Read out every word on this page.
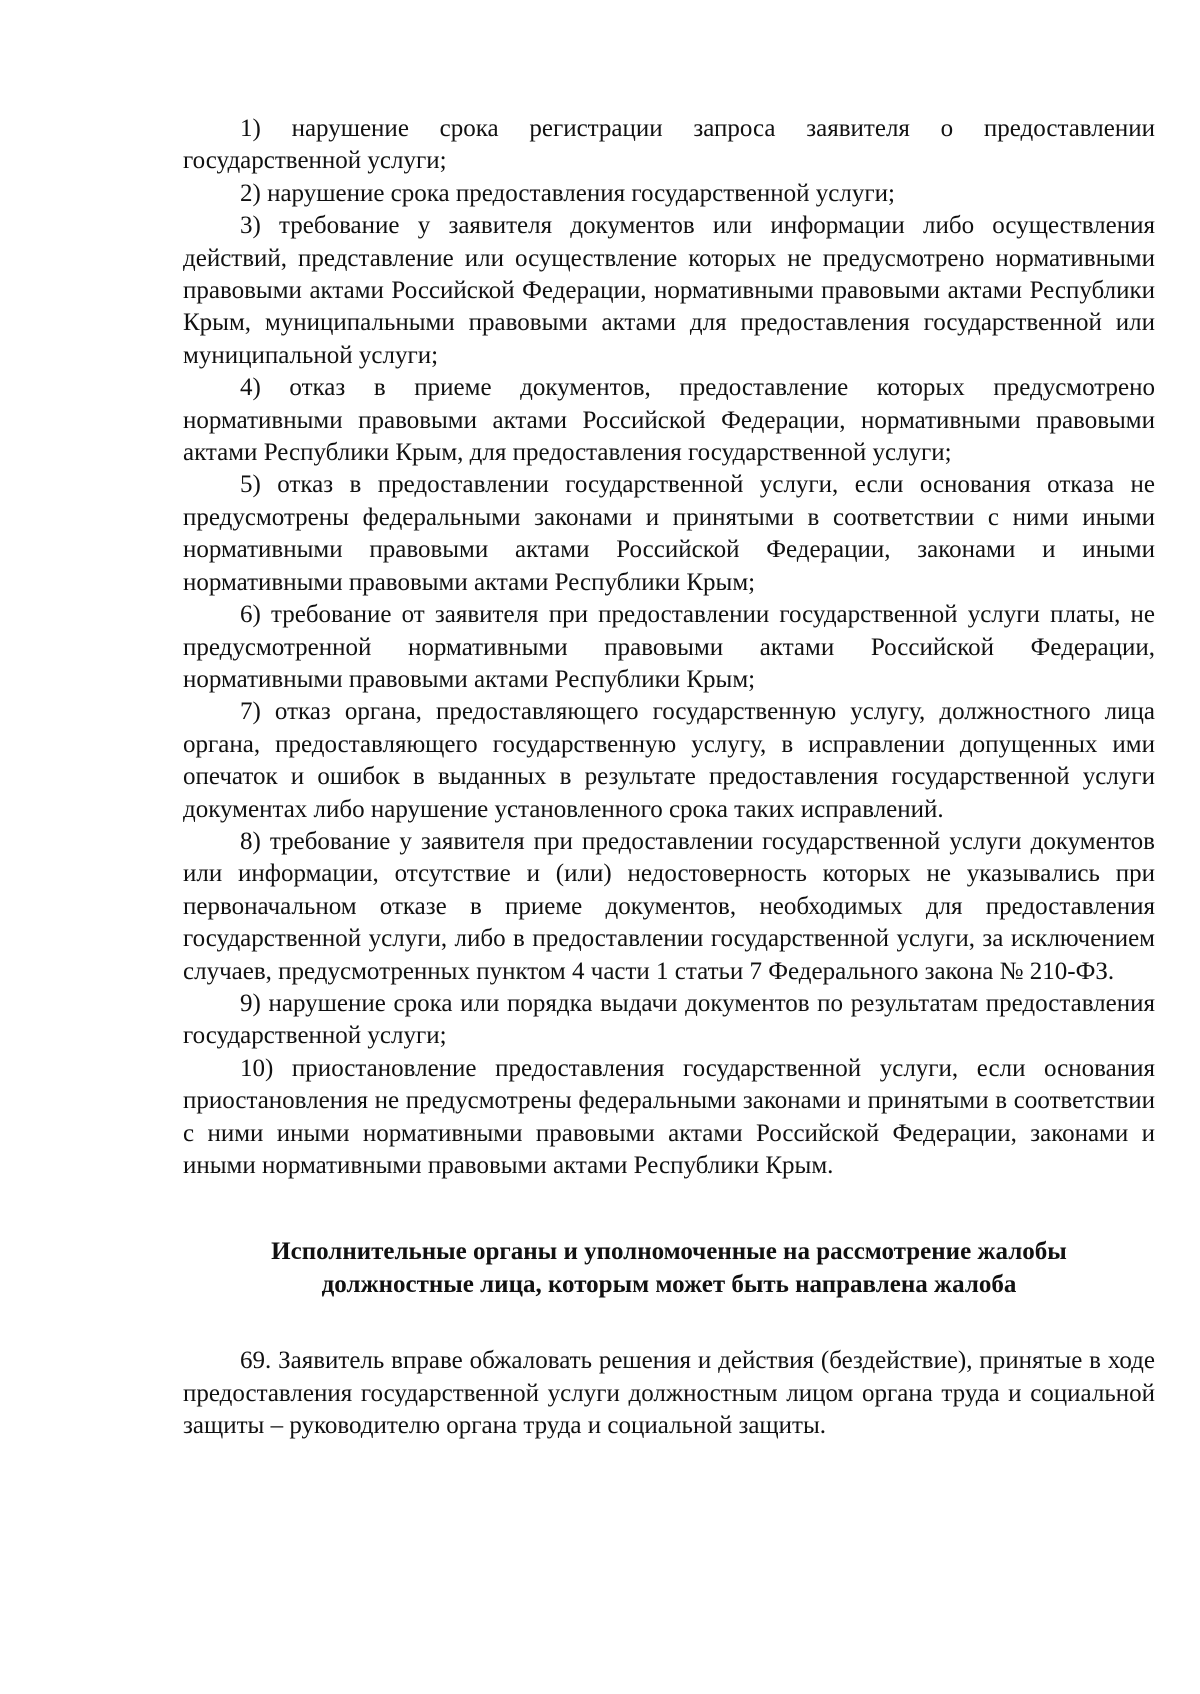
1) нарушение срока регистрации запроса заявителя о предоставлении государственной услуги;

2) нарушение срока предоставления государственной услуги;

3) требование у заявителя документов или информации либо осуществления действий, представление или осуществление которых не предусмотрено нормативными правовыми актами Российской Федерации, нормативными правовыми актами Республики Крым, муниципальными правовыми актами для предоставления государственной или муниципальной услуги;

4) отказ в приеме документов, предоставление которых предусмотрено нормативными правовыми актами Российской Федерации, нормативными правовыми актами Республики Крым, для предоставления государственной услуги;

5) отказ в предоставлении государственной услуги, если основания отказа не предусмотрены федеральными законами и принятыми в соответствии с ними иными нормативными правовыми актами Российской Федерации, законами и иными нормативными правовыми актами Республики Крым;

6) требование от заявителя при предоставлении государственной услуги платы, не предусмотренной нормативными правовыми актами Российской Федерации, нормативными правовыми актами Республики Крым;

7) отказ органа, предоставляющего государственную услугу, должностного лица органа, предоставляющего государственную услугу, в исправлении допущенных ими опечаток и ошибок в выданных в результате предоставления государственной услуги документах либо нарушение установленного срока таких исправлений.

8) требование у заявителя при предоставлении государственной услуги документов или информации, отсутствие и (или) недостоверность которых не указывались при первоначальном отказе в приеме документов, необходимых для предоставления государственной услуги, либо в предоставлении государственной услуги, за исключением случаев, предусмотренных пунктом 4 части 1 статьи 7 Федерального закона № 210-ФЗ.

9) нарушение срока или порядка выдачи документов по результатам предоставления государственной услуги;

10) приостановление предоставления государственной услуги, если основания приостановления не предусмотрены федеральными законами и принятыми в соответствии с ними иными нормативными правовыми актами Российской Федерации, законами и иными нормативными правовыми актами Республики Крым.

Исполнительные органы и уполномоченные на рассмотрение жалобы
должностные лица, которым может быть направлена жалоба

69. Заявитель вправе обжаловать решения и действия (бездействие), принятые в ходе предоставления государственной услуги должностным лицом органа труда и социальной защиты – руководителю органа труда и социальной защиты.
